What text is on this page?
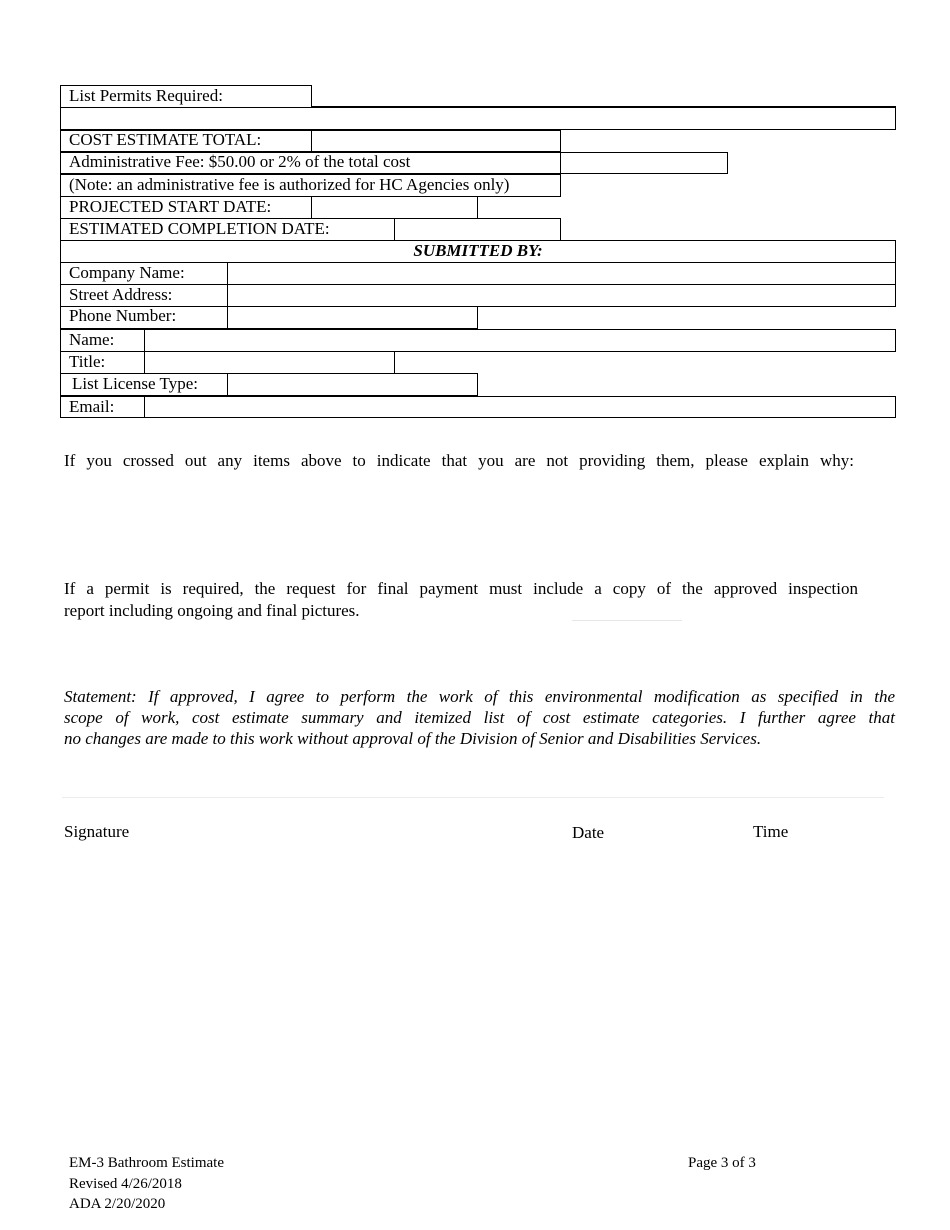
List Permits Required:
COST ESTIMATE TOTAL:
Administrative Fee: $50.00 or 2% of the total cost
(Note: an administrative fee is authorized for HC Agencies only)
PROJECTED START DATE:
ESTIMATED COMPLETION DATE:
SUBMITTED BY:
Company Name:
Street Address:
Phone Number:
Name:
Title:
List License Type:
Email:
If you crossed out any items above to indicate that you are not providing them, please explain why:
If a permit is required, the request for final payment must include a copy of the approved inspection
report including ongoing and final pictures.
Statement: If approved, I agree to perform the work of this environmental modification as specified in the
scope of work, cost estimate summary and itemized list of cost estimate categories. I further agree that
no changes are made to this work without approval of the Division of Senior and Disabilities Services.
Signature	Date	Time
EM-3 Bathroom Estimate
Revised 4/26/2018
ADA 2/20/2020
Page 3 of 3
